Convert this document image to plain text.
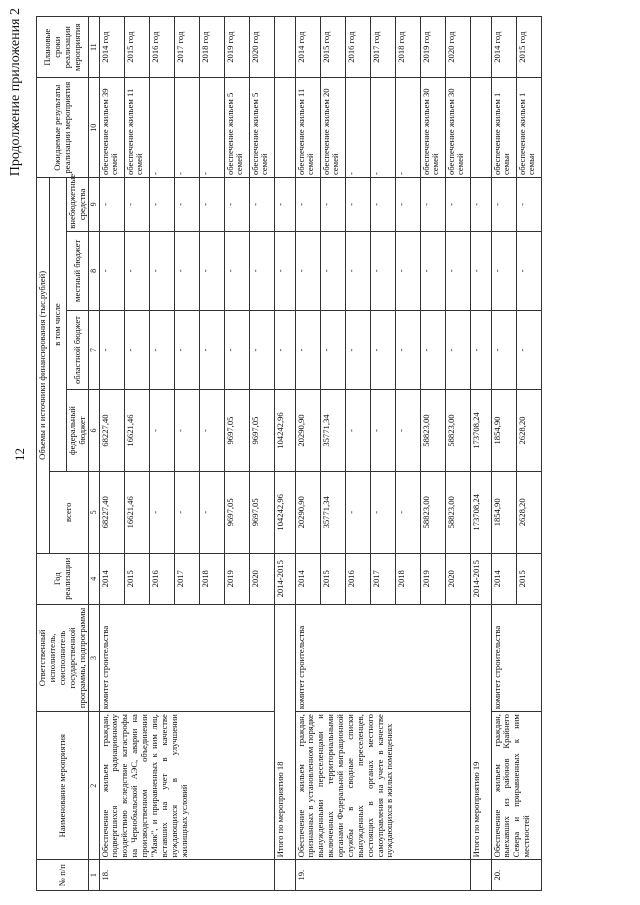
12
Продолжение приложения 2
№ п/п	Наименование мероприятия	Ответственный исполнитель, соисполнитель государственной программы, подпрограммы	Год реализации	Объемы и источники финансирования (тыс.рублей)					Ожидаемые результаты реализации мероприятия	Плановые сроки реализации мероприятия
				всего	в том числе					
					федеральный бюджет	областной бюджет	местный бюджет	внебюджетные средства		
1	2	3	4	5	6	7	8	9	10	11
18.	Обеспечение жильем граждан, подвергшихся радиационному воздействию вследствие катастрофы на Чернобыльской АЭС, аварии на производственном объединении "Маяк", и приравненных к ним лиц, вставших на учет в качестве нуждающихся в улучшении жилищных условий	комитет строительства	2014	68227,40	68227,40	-	-	-	обеспечение жильем 39 семей	2014 год
			2015	16621,46	16621,46	-	-	-	обеспечение жильем 11 семей	2015 год
			2016	-	-	-	-	-	-	2016 год
			2017	-	-	-	-	-	-	2017 год
			2018	-	-	-	-	-	-	2018 год
			2019	9697,05	9697,05	-	-	-	обеспечение жильем 5 семей	2019 год
			2020	9697,05	9697,05	-	-	-	обеспечение жильем 5 семей	2020 год
	Итого по мероприятию 18		2014-2015	104242,96	104242,96	-	-	-		
19.	Обеспечение жильем граждан, признанных в установленном порядке вынужденными переселенцами и включенных территориальными органами Федеральной миграционной службы в сводные списки вынужденных переселенцев, состоящих в органах местного самоуправления на учете в качестве нуждающихся в жилых помещениях	комитет строительства	2014	20290,90	20290,90	-	-	-	обеспечение жильем 11 семей	2014 год
			2015	35771,34	35771,34	-	-	-	обеспечение жильем 20 семей	2015 год
			2016	-	-	-	-	-	-	2016 год
			2017	-	-	-	-	-	-	2017 год
			2018	-	-	-	-	-	-	2018 год
			2019	58823,00	58823,00	-	-	-	обеспечение жильем 30 семей	2019 год
			2020	58823,00	58823,00	-	-	-	обеспечение жильем 30 семей	2020 год
	Итого по мероприятию 19		2014-2015	173708,24	173708,24	-	-	-		
20.	Обеспечение жильем граждан, выехавших из районов Крайнего Севера и приравненных к ним местностей	комитет строительства	2014	1854,90	1854,90	-	-	-	обеспечение жильем 1 семьи	2014 год
			2015	2628,20	2628,20	-	-	-	обеспечение жильем 1 семьи	2015 год
